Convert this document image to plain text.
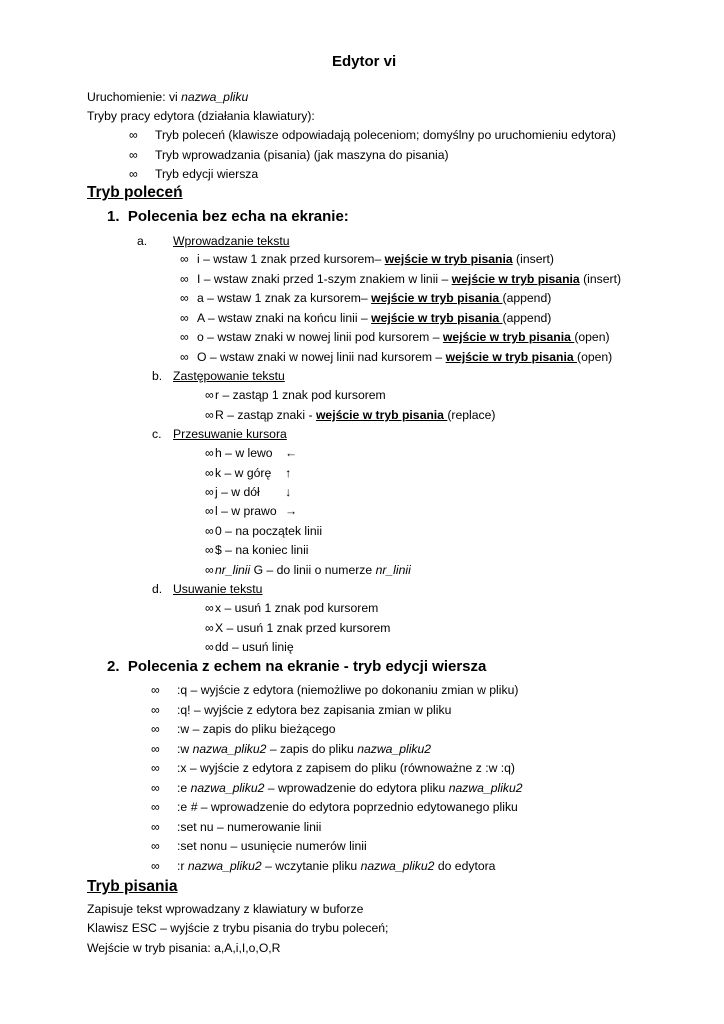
Edytor vi
Uruchomienie: vi nazwa_pliku
Tryby pracy edytora (działania klawiatury):
∞ Tryb poleceń (klawisze odpowiadają poleceniom; domyślny po uruchomieniu edytora)
∞ Tryb wprowadzania (pisania) (jak maszyna do pisania)
∞ Tryb edycji wiersza
Tryb poleceń
1. Polecenia bez echa na ekranie:
a. Wprowadzanie tekstu
∞ i – wstaw 1 znak przed kursorem– wejście w tryb pisania (insert)
∞ I – wstaw znaki przed 1-szym znakiem w linii – wejście w tryb pisania (insert)
∞ a – wstaw 1 znak za kursorem– wejście w tryb pisania (append)
∞ A – wstaw znaki na końcu linii – wejście w tryb pisania (append)
∞ o – wstaw znaki w nowej linii pod kursorem – wejście w tryb pisania (open)
∞ O – wstaw znaki w nowej linii nad kursorem – wejście w tryb pisania (open)
b. Zastępowanie tekstu
∞r – zastąp 1 znak pod kursorem
∞R – zastąp znaki - wejście w tryb pisania (replace)
c. Przesuwanie kursora
∞h – w lewo ←
∞k – w górę ↑
∞j – w dół ↓
∞l – w prawo →
∞0 – na początek linii
∞$ – na koniec linii
∞nr_linii G – do linii o numerze nr_linii
d. Usuwanie tekstu
∞x – usuń 1 znak pod kursorem
∞X – usuń 1 znak przed kursorem
∞dd – usuń linię
2. Polecenia z echem na ekranie - tryb edycji wiersza
∞ :q – wyjście z edytora (niemożliwe po dokonaniu zmian w pliku)
∞ :q! – wyjście z edytora bez zapisania zmian w pliku
∞ :w – zapis do pliku bieżącego
∞ :w nazwa_pliku2 – zapis do pliku nazwa_pliku2
∞ :x – wyjście z edytora z zapisem do pliku (równoważne z :w :q)
∞ :e nazwa_pliku2 – wprowadzenie do edytora pliku nazwa_pliku2
∞ :e # – wprowadzenie do edytora poprzednio edytowanego pliku
∞ :set nu – numerowanie linii
∞ :set nonu – usunięcie numerów linii
∞ :r nazwa_pliku2 – wczytanie pliku nazwa_pliku2 do edytora
Tryb pisania
Zapisuje tekst wprowadzany z klawiatury w buforze
Klawisz ESC – wyjście z trybu pisania do trybu poleceń;
Wejście w tryb pisania: a,A,i,I,o,O,R
